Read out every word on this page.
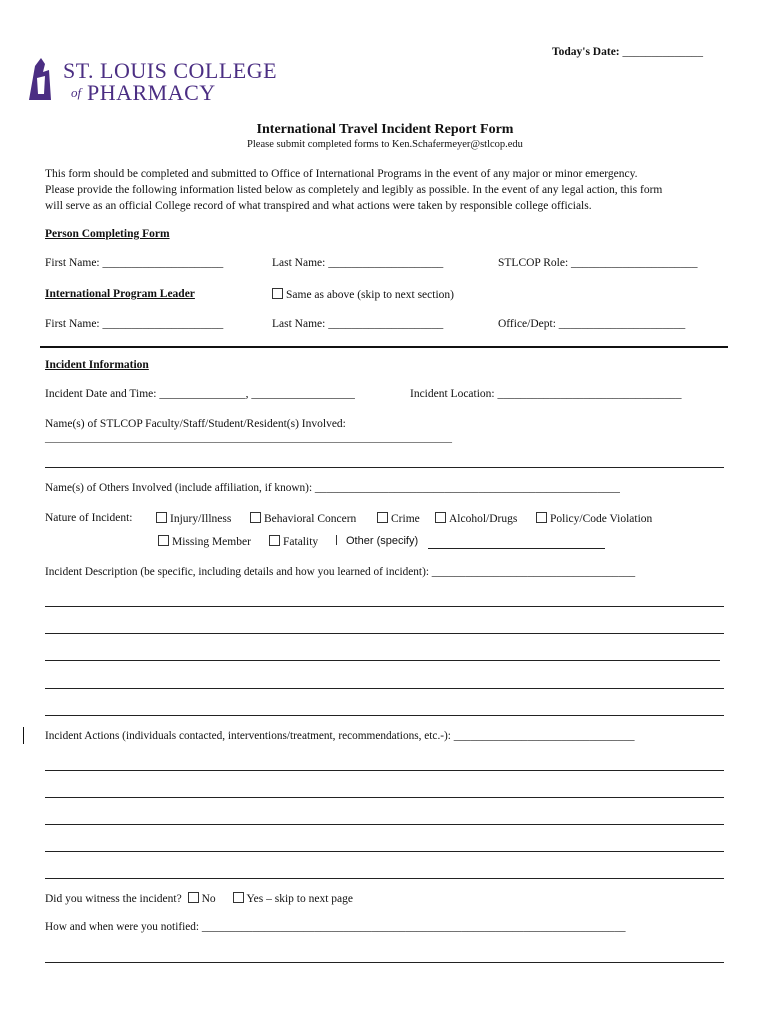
Today's Date: ______________
ST. LOUIS COLLEGE
of PHARMACY
International Travel Incident Report Form
Please submit completed forms to Ken.Schafermeyer@stlcop.edu
This form should be completed and submitted to Office of International Programs in the event of any major or minor emergency.
Please provide the following information listed below as completely and legibly as possible. In the event of any legal action, this form
will serve as an official College record of what transpired and what actions were taken by responsible college officials.
Person Completing Form
First Name: _____________________	Last Name: ____________________	STLCOP Role: ______________________
International Program Leader	Same as above (skip to next section)
First Name: _____________________	Last Name: ____________________	Office/Dept: ______________________
Incident Information
Incident Date and Time: _______________, __________________	Incident Location: ________________________________
Name(s) of STLCOP Faculty/Staff/Student/Resident(s) Involved:
__________________________________________________________________________
Name(s) of Others Involved (include affiliation, if known): ______________________________________________________
Nature of Incident:	Injury/Illness	Behavioral Concern	Crime	Alcohol/Drugs	Policy/Code Violation
Missing Member	Fatality	Other (specify)
Incident Description (be specific, including details and how you learned of incident): ____________________________________
Incident Actions (individuals contacted, interventions/treatment, recommendations, etc.-): ________________________________
Did you witness the incident? No	Yes – skip to next page
How and when were you notified: ___________________________________________________________________________
